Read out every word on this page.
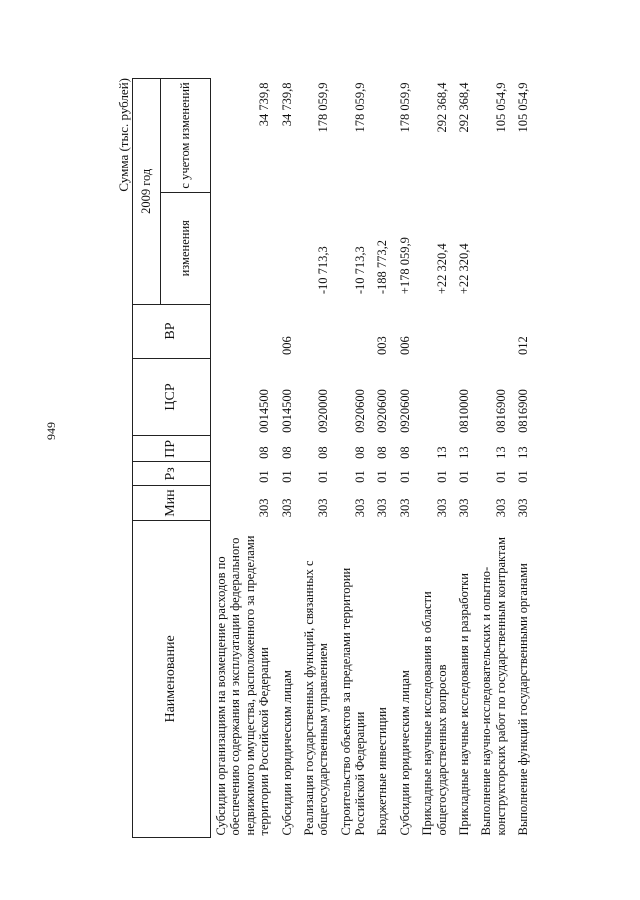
949
Сумма (тыс. рублей)
Наименование	Мин	Рз	ПР	ЦСР	ВР	2009 год	
						изменения	с учетом изменений
Субсидии организациям на возмещение расходов по обеспечению содержания и эксплуатации федерального недвижимого имущества, расположенного за пределами территории Российской Федерации	303	01	08	0014500			34 739,8
Субсидии юридическим лицам	303	01	08	0014500	006		34 739,8
Реализация государственных функций, связанных с общегосударственным управлением	303	01	08	0920000		-10 713,3	178 059,9
Строительство объектов за пределами территории Российской Федерации	303	01	08	0920600		-10 713,3	178 059,9
Бюджетные инвестиции	303	01	08	0920600	003	-188 773,2	
Субсидии юридическим лицам	303	01	08	0920600	006	+178 059,9	178 059,9
Прикладные научные исследования в области общегосударственных вопросов	303	01	13			+22 320,4	292 368,4
Прикладные научные исследования и разработки	303	01	13	0810000		+22 320,4	292 368,4
Выполнение научно-исследовательских и опытно-конструкторских работ по государственным контрактам	303	01	13	0816900			105 054,9
Выполнение функций государственными органами	303	01	13	0816900	012		105 054,9
